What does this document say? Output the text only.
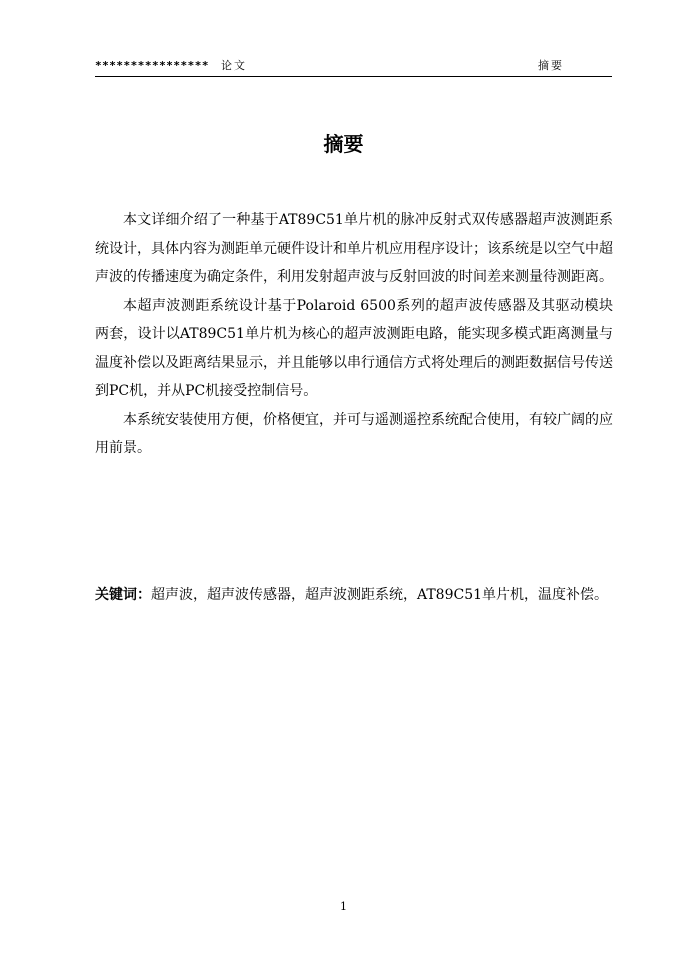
**************** 论文	摘要
摘要

本文详细介绍了一种基于AT89C51单片机的脉冲反射式双传感器超声波测距系统设计，具体内容为测距单元硬件设计和单片机应用程序设计；该系统是以空气中超声波的传播速度为确定条件，利用发射超声波与反射回波的时间差来测量待测距离。

本超声波测距系统设计基于Polaroid 6500系列的超声波传感器及其驱动模块两套，设计以AT89C51单片机为核心的超声波测距电路，能实现多模式距离测量与温度补偿以及距离结果显示，并且能够以串行通信方式将处理后的测距数据信号传送到PC机，并从PC机接受控制信号。

本系统安装使用方便，价格便宜，并可与遥测遥控系统配合使用，有较广阔的应用前景。

关键词：超声波，超声波传感器，超声波测距系统，AT89C51单片机，温度补偿。
1
